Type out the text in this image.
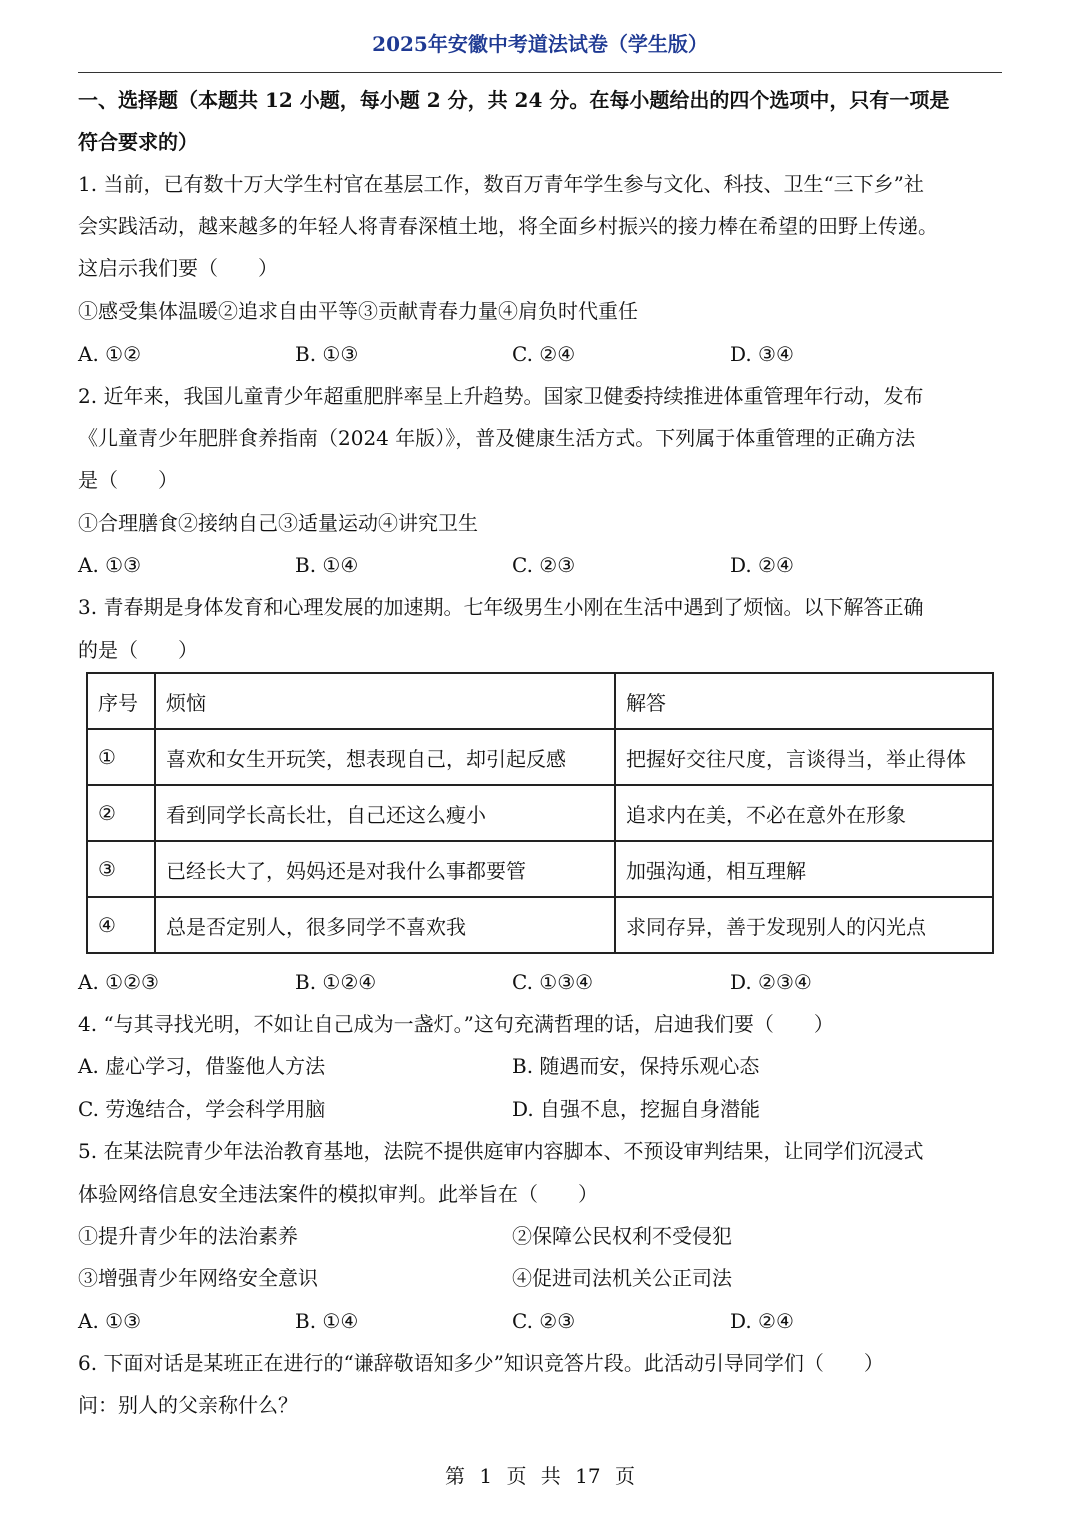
2025年安徽中考道法试卷（学生版）
一、选择题（本题共 12 小题，每小题 2 分，共 24 分。在每小题给出的四个选项中，只有一项是
符合要求的）
1. 当前，已有数十万大学生村官在基层工作，数百万青年学生参与文化、科技、卫生“三下乡”社
会实践活动，越来越多的年轻人将青春深植土地，将全面乡村振兴的接力棒在希望的田野上传递。
这启示我们要（　　）
①感受集体温暖②追求自由平等③贡献青春力量④肩负时代重任
A. ①②	B. ①③	C. ②④	D. ③④
2. 近年来，我国儿童青少年超重肥胖率呈上升趋势。国家卫健委持续推进体重管理年行动，发布
《儿童青少年肥胖食养指南（2024 年版）》，普及健康生活方式。下列属于体重管理的正确方法
是（　　）
①合理膳食②接纳自己③适量运动④讲究卫生
A. ①③	B. ①④	C. ②③	D. ②④
3. 青春期是身体发育和心理发展的加速期。七年级男生小刚在生活中遇到了烦恼。以下解答正确
的是（　　）
序号	烦恼	解答
①	喜欢和女生开玩笑，想表现自己，却引起反感	把握好交往尺度，言谈得当，举止得体
②	看到同学长高长壮，自己还这么瘦小	追求内在美，不必在意外在形象
③	已经长大了，妈妈还是对我什么事都要管	加强沟通，相互理解
④	总是否定别人，很多同学不喜欢我	求同存异，善于发现别人的闪光点
A. ①②③	B. ①②④	C. ①③④	D. ②③④
4. “与其寻找光明，不如让自己成为一盏灯。”这句充满哲理的话，启迪我们要（　　）
A. 虚心学习，借鉴他人方法	B. 随遇而安，保持乐观心态
C. 劳逸结合，学会科学用脑	D. 自强不息，挖掘自身潜能
5. 在某法院青少年法治教育基地，法院不提供庭审内容脚本、不预设审判结果，让同学们沉浸式
体验网络信息安全违法案件的模拟审判。此举旨在（　　）
①提升青少年的法治素养	②保障公民权利不受侵犯
③增强青少年网络安全意识	④促进司法机关公正司法
A. ①③	B. ①④	C. ②③	D. ②④
6. 下面对话是某班正在进行的“谦辞敬语知多少”知识竞答片段。此活动引导同学们（　　）
问：别人的父亲称什么？
第 1 页 共 17 页
